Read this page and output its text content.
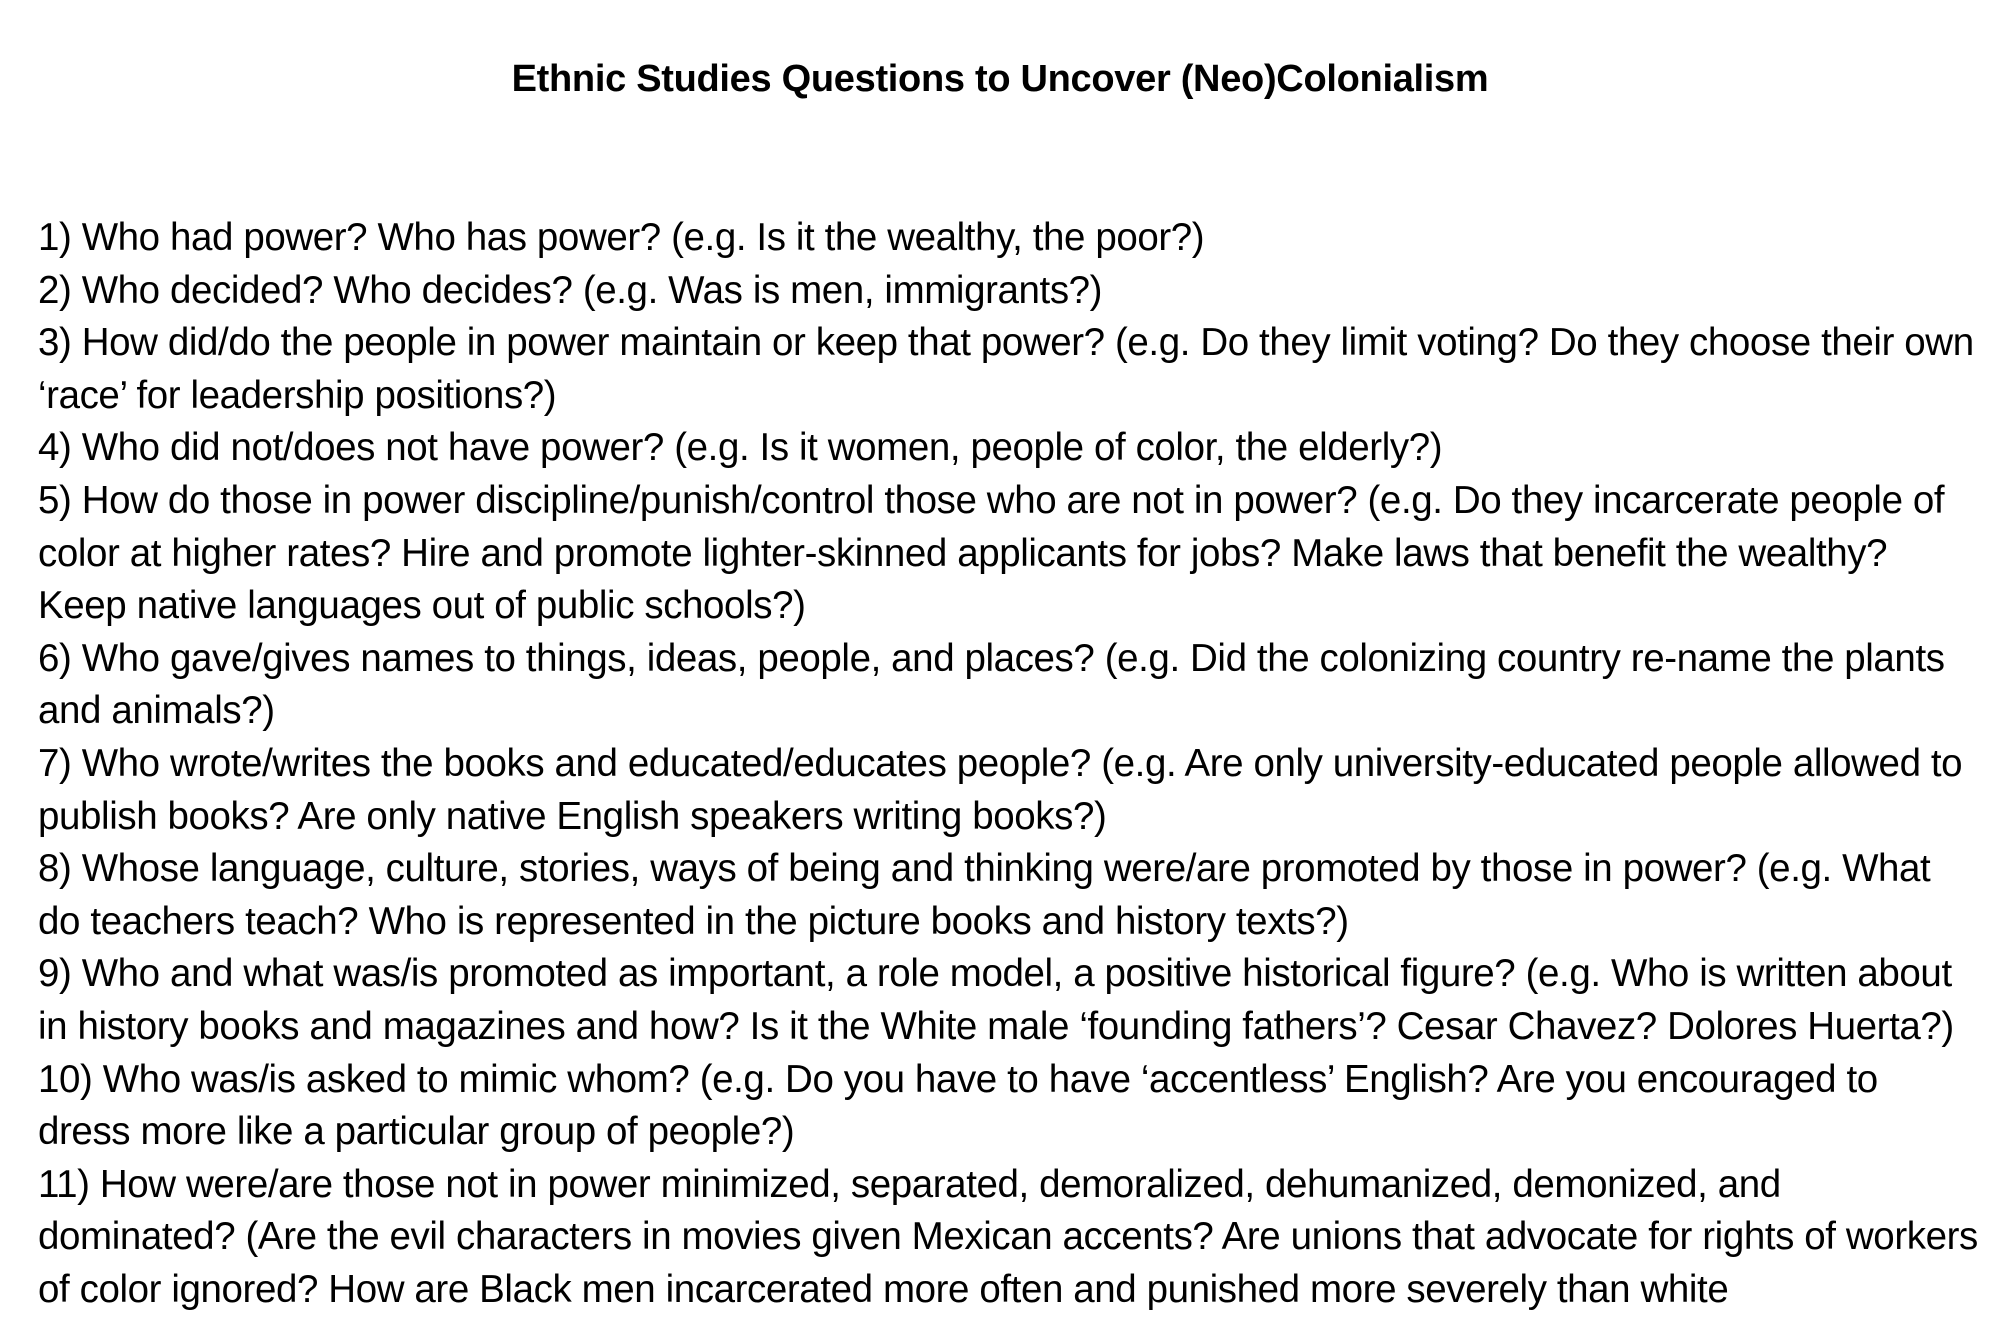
Ethnic Studies Questions to Uncover (Neo)Colonialism
1) Who had power? Who has power? (e.g. Is it the wealthy, the poor?)
2) Who decided? Who decides? (e.g. Was is men, immigrants?)
3) How did/do the people in power maintain or keep that power? (e.g. Do they limit voting? Do they choose their own ‘race’ for leadership positions?)
4) Who did not/does not have power? (e.g. Is it women, people of color, the elderly?)
5) How do those in power discipline/punish/control those who are not in power? (e.g. Do they incarcerate people of color at higher rates? Hire and promote lighter-skinned applicants for jobs? Make laws that benefit the wealthy? Keep native languages out of public schools?)
6) Who gave/gives names to things, ideas, people, and places? (e.g. Did the colonizing country re-name the plants and animals?)
7) Who wrote/writes the books and educated/educates people? (e.g. Are only university-educated people allowed to publish books? Are only native English speakers writing books?)
8) Whose language, culture, stories, ways of being and thinking were/are promoted by those in power? (e.g. What do teachers teach? Who is represented in the picture books and history texts?)
9) Who and what was/is promoted as important, a role model, a positive historical figure? (e.g. Who is written about in history books and magazines and how? Is it the White male ‘founding fathers’? Cesar Chavez? Dolores Huerta?)
10) Who was/is asked to mimic whom? (e.g. Do you have to have ‘accentless’ English? Are you encouraged to dress more like a particular group of people?)
11) How were/are those not in power minimized, separated, demoralized, dehumanized, demonized, and dominated? (Are the evil characters in movies given Mexican accents? Are unions that advocate for rights of workers of color ignored? How are Black men incarcerated more often and punished more severely than white
